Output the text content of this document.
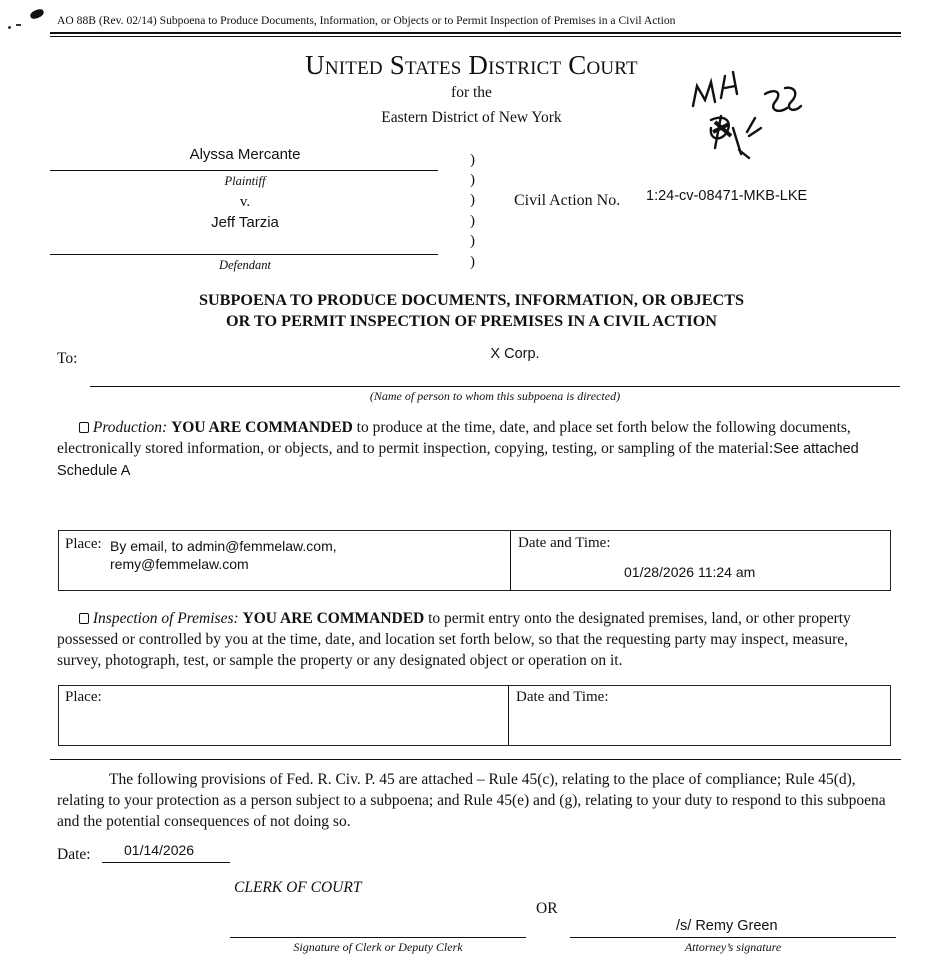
AO 88B (Rev. 02/14) Subpoena to Produce Documents, Information, or Objects or to Permit Inspection of Premises in a Civil Action
United States District Court
for the
Eastern District of New York
Alyssa Mercante
Plaintiff
v.
Jeff Tarzia
Defendant
)
)
)
)
)
)
Civil Action No. 1:24-cv-08471-MKB-LKE
SUBPOENA TO PRODUCE DOCUMENTS, INFORMATION, OR OBJECTS
OR TO PERMIT INSPECTION OF PREMISES IN A CIVIL ACTION
To:	X Corp.
(Name of person to whom this subpoena is directed)
Production: YOU ARE COMMANDED to produce at the time, date, and place set forth below the following documents, electronically stored information, or objects, and to permit inspection, copying, testing, or sampling of the material:See attached Schedule A
Place: By email, to admin@femmelaw.com,
remy@femmelaw.com
Date and Time:
01/28/2026 11:24 am
Inspection of Premises: YOU ARE COMMANDED to permit entry onto the designated premises, land, or other property possessed or controlled by you at the time, date, and location set forth below, so that the requesting party may inspect, measure, survey, photograph, test, or sample the property or any designated object or operation on it.
Place:	Date and Time:
The following provisions of Fed. R. Civ. P. 45 are attached – Rule 45(c), relating to the place of compliance; Rule 45(d), relating to your protection as a person subject to a subpoena; and Rule 45(e) and (g), relating to your duty to respond to this subpoena and the potential consequences of not doing so.
Date: 01/14/2026
CLERK OF COURT
OR
/s/ Remy Green
Signature of Clerk or Deputy Clerk	Attorney’s signature
